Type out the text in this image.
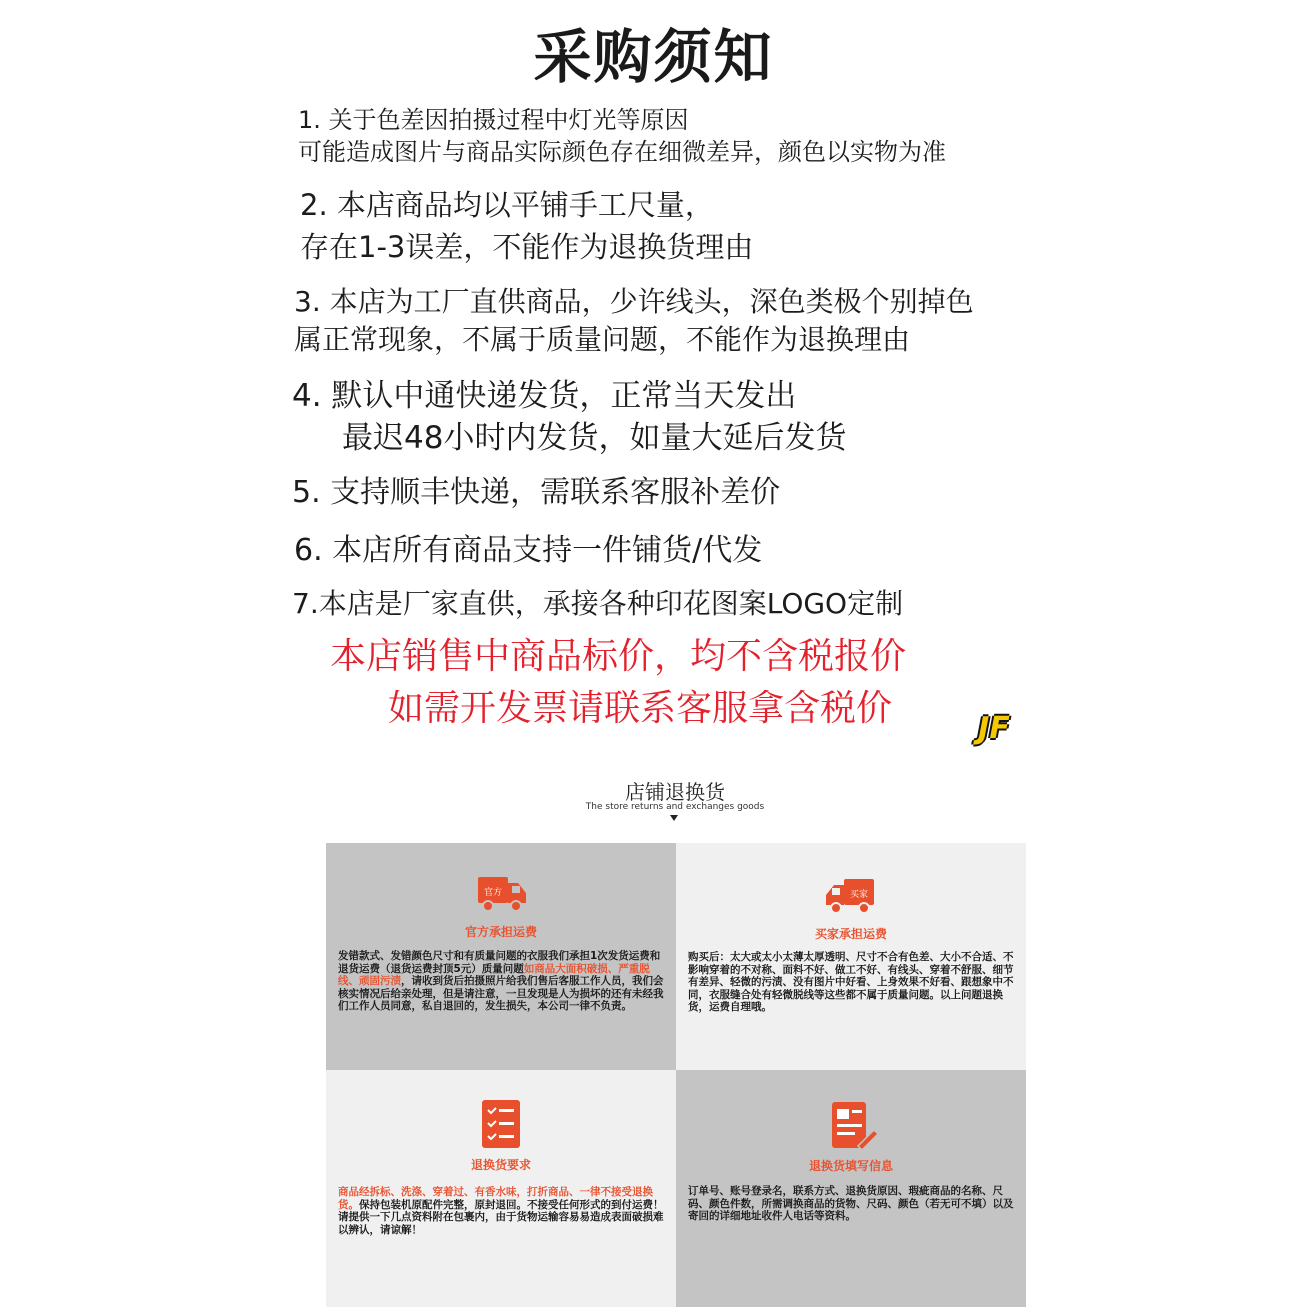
采购须知
1. 关于色差因拍摄过程中灯光等原因
可能造成图片与商品实际颜色存在细微差异，颜色以实物为准
2. 本店商品均以平铺手工尺量，
存在1-3误差，不能作为退换货理由
3. 本店为工厂直供商品，少许线头，深色类极个别掉色
属正常现象，不属于质量问题，不能作为退换理由
4. 默认中通快递发货，正常当天发出
最迟48小时内发货，如量大延后发货
5. 支持顺丰快递，需联系客服补差价
6. 本店所有商品支持一件铺货/代发
7.本店是厂家直供，承接各种印花图案LOGO定制
本店销售中商品标价，均不含税报价
如需开发票请联系客服拿含税价	JF
店铺退换货
The store returns and exchanges goods
官方
官方承担运费
发错款式、发错颜色尺寸和有质量问题的衣服我们承担1次发货运费和退货运费（退货运费封顶5元）质量问题如商品大面积破损、严重脱线、顽固污渍，请收到货后拍摄照片给我们售后客服工作人员，我们会核实情况后给亲处理，但是请注意，一旦发现是人为损坏的还有未经我们工作人员同意，私自退回的，发生损失，本公司一律不负责。
买家
买家承担运费
购买后：太大或太小太薄太厚透明、尺寸不合有色差、大小不合适、不影响穿着的不对称、面料不好、做工不好、有线头、穿着不舒服、细节有差异、轻微的污渍、没有图片中好看、上身效果不好看、跟想象中不同，衣服缝合处有轻微脱线等这些都不属于质量问题。以上问题退换货，运费自理哦。
退换货要求
商品经拆标、洗涤、穿着过、有香水味，打折商品、一律不接受退换货。保持包装机原配件完整，原封退回。不接受任何形式的到付运费！请提供一下几点资料附在包裹内，由于货物运输容易易造成表面破损难以辨认，请谅解！
退换货填写信息
订单号、账号登录名，联系方式、退换货原因、瑕疵商品的名称、尺码、颜色件数，所需调换商品的货物、尺码、颜色（若无可不填）以及寄回的详细地址收件人电话等资料。
